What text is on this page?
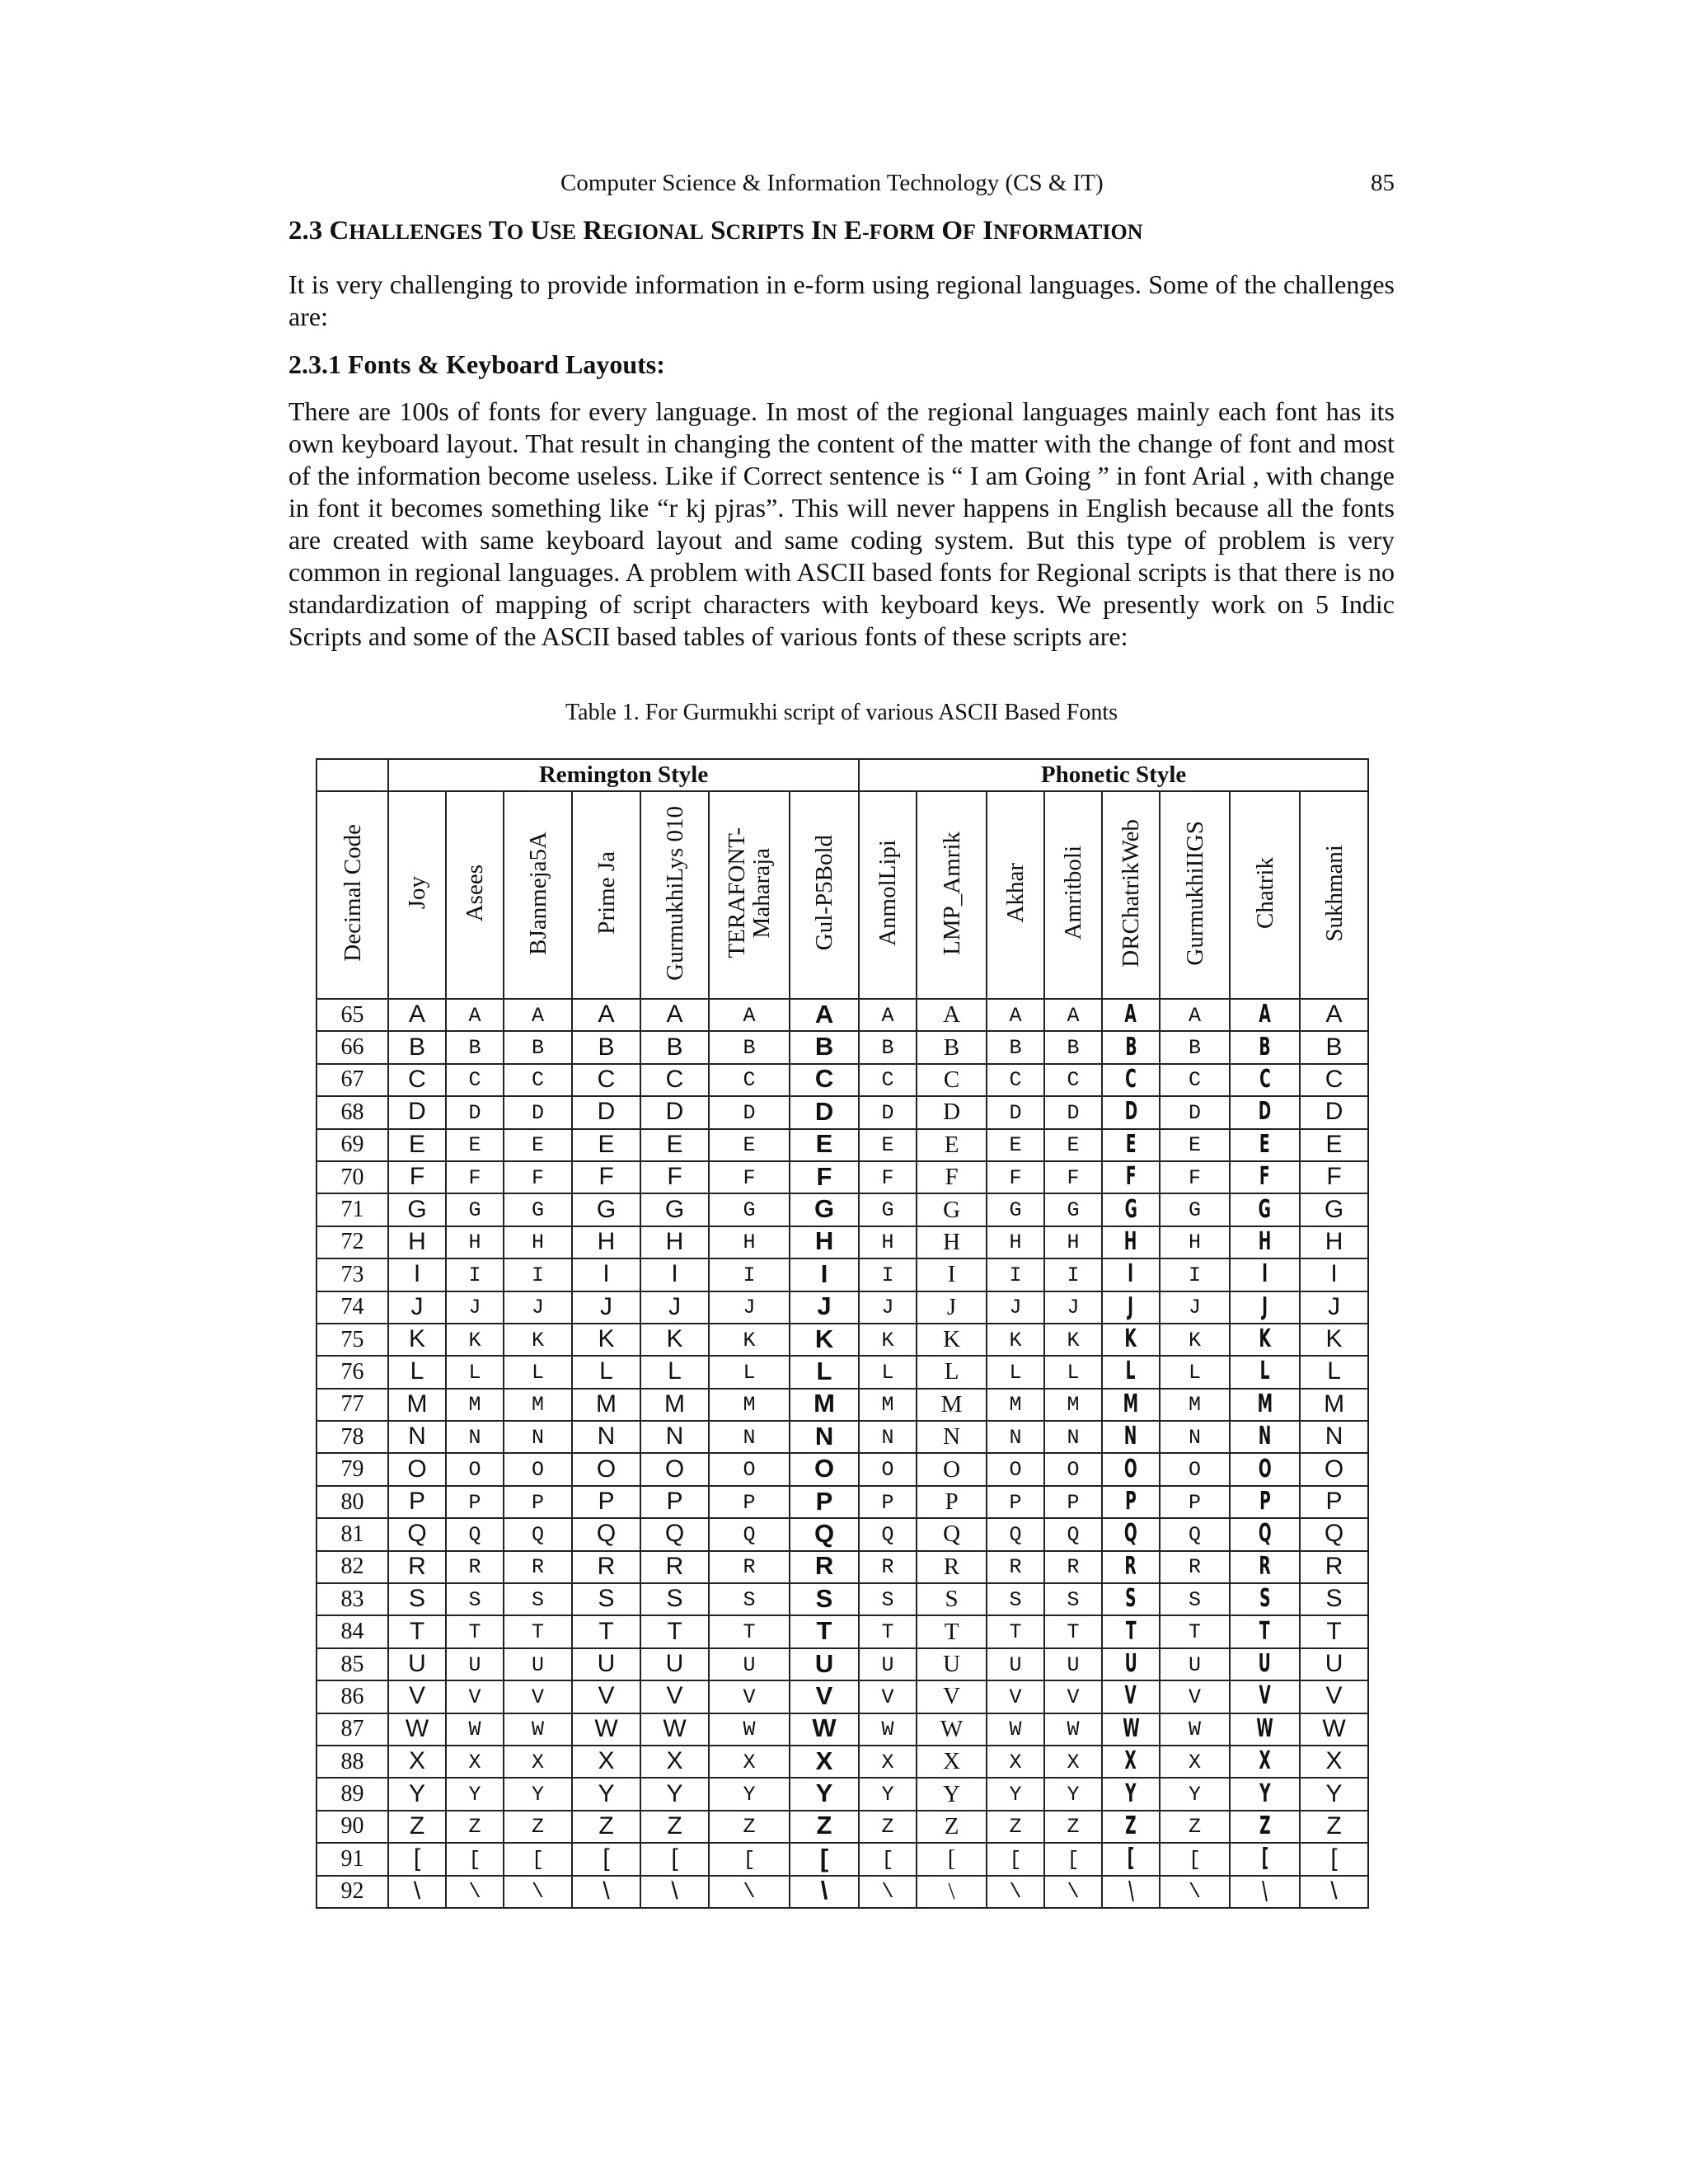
Computer Science & Information Technology (CS & IT)	85
2.3 CHALLENGES TO USE REGIONAL SCRIPTS IN E-FORM OF INFORMATION

It is very challenging to provide information in e-form using regional languages. Some of the challenges are:

2.3.1 Fonts & Keyboard Layouts:

There are 100s of fonts for every language. In most of the regional languages mainly each font has its own keyboard layout. That result in changing the content of the matter with the change of font and most of the information become useless. Like if Correct sentence is “ I am Going ” in font Arial , with change in font it becomes something like “r kj pjras”. This will never happens in English because all the fonts are created with same keyboard layout and same coding system. But this type of problem is very common in regional languages. A problem with ASCII based fonts for Regional scripts is that there is no standardization of mapping of script characters with keyboard keys. We presently work on 5 Indic Scripts and some of the ASCII based tables of various fonts of these scripts are:

Table 1. For Gurmukhi script of various ASCII Based Fonts
	Remington Style							Phonetic Style							
Decimal Code	Joy	Asees	BJanmeja5A	Prime Ja	GurmukhiLys 010	TERAFONT-
Maharaja	Gul-P5Bold	AnmolLipi	LMP_Amrik	Akhar	Amritboli	DRChatrikWeb	GurmukhiIIGS	Chatrik	Sukhmani

65	A	A	A	A	A	A	A	A	A	A	A	A	A	A	A
66	B	B	B	B	B	B	B	B	B	B	B	B	B	B	B
67	C	C	C	C	C	C	C	C	C	C	C	C	C	C	C
68	D	D	D	D	D	D	D	D	D	D	D	D	D	D	D
69	E	E	E	E	E	E	E	E	E	E	E	E	E	E	E
70	F	F	F	F	F	F	F	F	F	F	F	F	F	F	F
71	G	G	G	G	G	G	G	G	G	G	G	G	G	G	G
72	H	H	H	H	H	H	H	H	H	H	H	H	H	H	H
73	I	I	I	I	I	I	I	I	I	I	I	I	I	I	I
74	J	J	J	J	J	J	J	J	J	J	J	J	J	J	J
75	K	K	K	K	K	K	K	K	K	K	K	K	K	K	K
76	L	L	L	L	L	L	L	L	L	L	L	L	L	L	L
77	M	M	M	M	M	M	M	M	M	M	M	M	M	M	M
78	N	N	N	N	N	N	N	N	N	N	N	N	N	N	N
79	O	O	O	O	O	O	O	O	O	O	O	O	O	O	O
80	P	P	P	P	P	P	P	P	P	P	P	P	P	P	P
81	Q	Q	Q	Q	Q	Q	Q	Q	Q	Q	Q	Q	Q	Q	Q
82	R	R	R	R	R	R	R	R	R	R	R	R	R	R	R
83	S	S	S	S	S	S	S	S	S	S	S	S	S	S	S
84	T	T	T	T	T	T	T	T	T	T	T	T	T	T	T
85	U	U	U	U	U	U	U	U	U	U	U	U	U	U	U
86	V	V	V	V	V	V	V	V	V	V	V	V	V	V	V
87	W	W	W	W	W	W	W	W	W	W	W	W	W	W	W
88	X	X	X	X	X	X	X	X	X	X	X	X	X	X	X
89	Y	Y	Y	Y	Y	Y	Y	Y	Y	Y	Y	Y	Y	Y	Y
90	Z	Z	Z	Z	Z	Z	Z	Z	Z	Z	Z	Z	Z	Z	Z
91	[	[	[	[	[	[	[	[	[	[	[	[	[	[	[
92	\	\	\	\	\	\	\	\	\	\	\	\	\	\	\
